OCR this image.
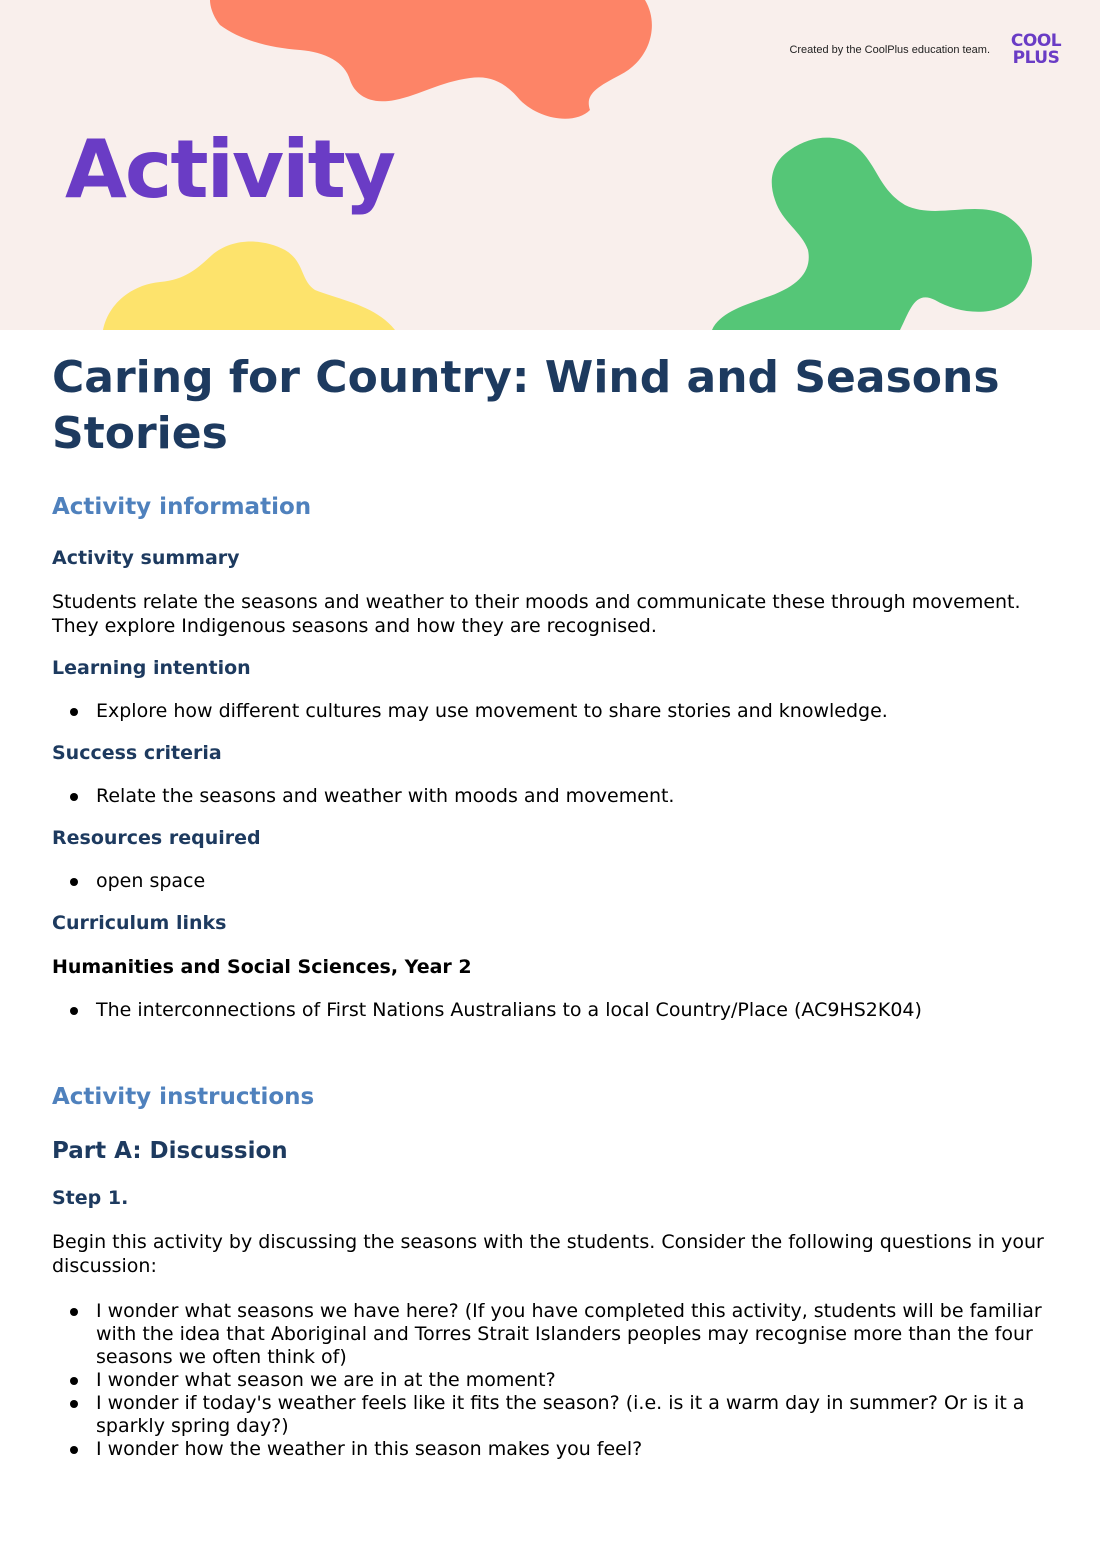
Created by the CoolPlus education team.	COOL
PLUS
Activity
Caring for Country: Wind and Seasons Stories
Activity information
Activity summary

Students relate the seasons and weather to their moods and communicate these through movement. They explore Indigenous seasons and how they are recognised.

Learning intention
Explore how different cultures may use movement to share stories and knowledge.
Success criteria
Relate the seasons and weather with moods and movement.
Resources required
open space
Curriculum links
Humanities and Social Sciences, Year 2
The interconnections of First Nations Australians to a local Country/Place (AC9HS2K04)
Activity instructions
Part A: Discussion
Step 1.

Begin this activity by discussing the seasons with the students. Consider the following questions in your discussion:

I wonder what seasons we have here? (If you have completed this activity, students will be familiar with the idea that Aboriginal and Torres Strait Islanders peoples may recognise more than the four seasons we often think of)
I wonder what season we are in at the moment?
I wonder if today's weather feels like it fits the season? (i.e. is it a warm day in summer? Or is it a sparkly spring day?)
I wonder how the weather in this season makes you feel?
